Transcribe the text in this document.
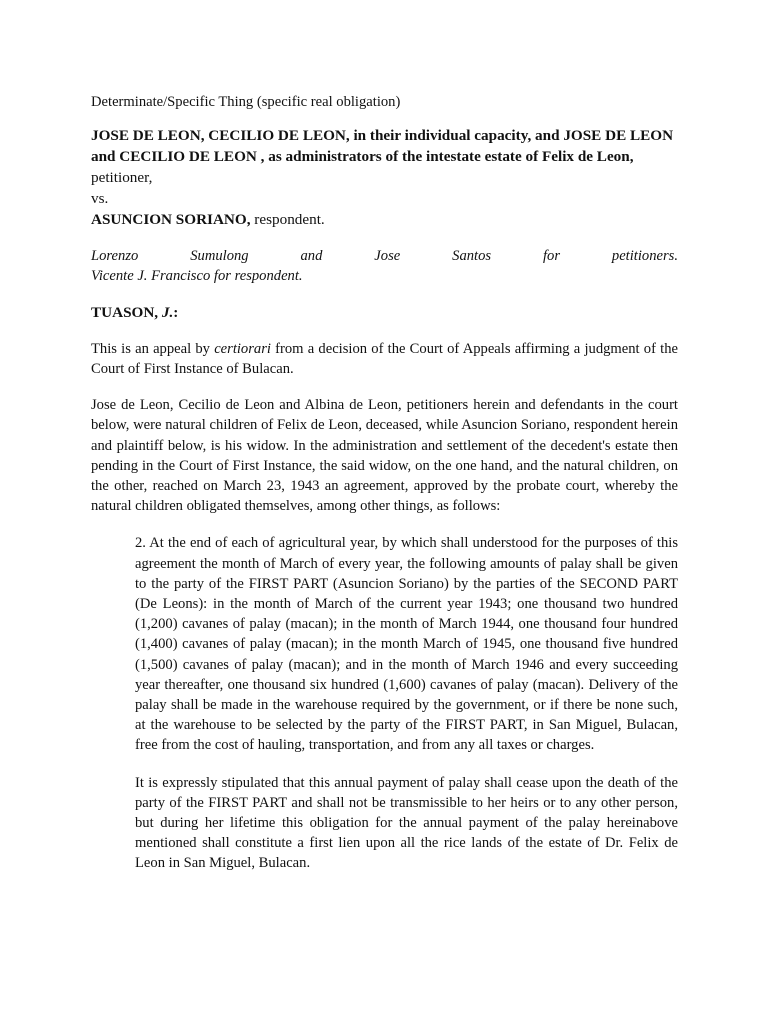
Determinate/Specific Thing (specific real obligation)

JOSE DE LEON, CECILIO DE LEON, in their individual capacity, and JOSE DE LEON and CECILIO DE LEON , as administrators of the intestate estate of Felix de Leon, petitioner,
vs.
ASUNCION SORIANO, respondent.
Lorenzo	Sumulong	and	Jose	Santos	for	petitioners.
Vicente J. Francisco for respondent.
TUASON, J.:

This is an appeal by certiorari from a decision of the Court of Appeals affirming a judgment of the Court of First Instance of Bulacan.

Jose de Leon, Cecilio de Leon and Albina de Leon, petitioners herein and defendants in the court below, were natural children of Felix de Leon, deceased, while Asuncion Soriano, respondent herein and plaintiff below, is his widow. In the administration and settlement of the decedent's estate then pending in the Court of First Instance, the said widow, on the one hand, and the natural children, on the other, reached on March 23, 1943 an agreement, approved by the probate court, whereby the natural children obligated themselves, among other things, as follows:

2. At the end of each of agricultural year, by which shall understood for the purposes of this agreement the month of March of every year, the following amounts of palay shall be given to the party of the FIRST PART (Asuncion Soriano) by the parties of the SECOND PART (De Leons): in the month of March of the current year 1943; one thousand two hundred (1,200) cavanes of palay (macan); in the month of March 1944, one thousand four hundred (1,400) cavanes of palay (macan); in the month March of 1945, one thousand five hundred (1,500) cavanes of palay (macan); and in the month of March 1946 and every succeeding year thereafter, one thousand six hundred (1,600) cavanes of palay (macan). Delivery of the palay shall be made in the warehouse required by the government, or if there be none such, at the warehouse to be selected by the party of the FIRST PART, in San Miguel, Bulacan, free from the cost of hauling, transportation, and from any all taxes or charges.

It is expressly stipulated that this annual payment of palay shall cease upon the death of the party of the FIRST PART and shall not be transmissible to her heirs or to any other person, but during her lifetime this obligation for the annual payment of the palay hereinabove mentioned shall constitute a first lien upon all the rice lands of the estate of Dr. Felix de Leon in San Miguel, Bulacan.
